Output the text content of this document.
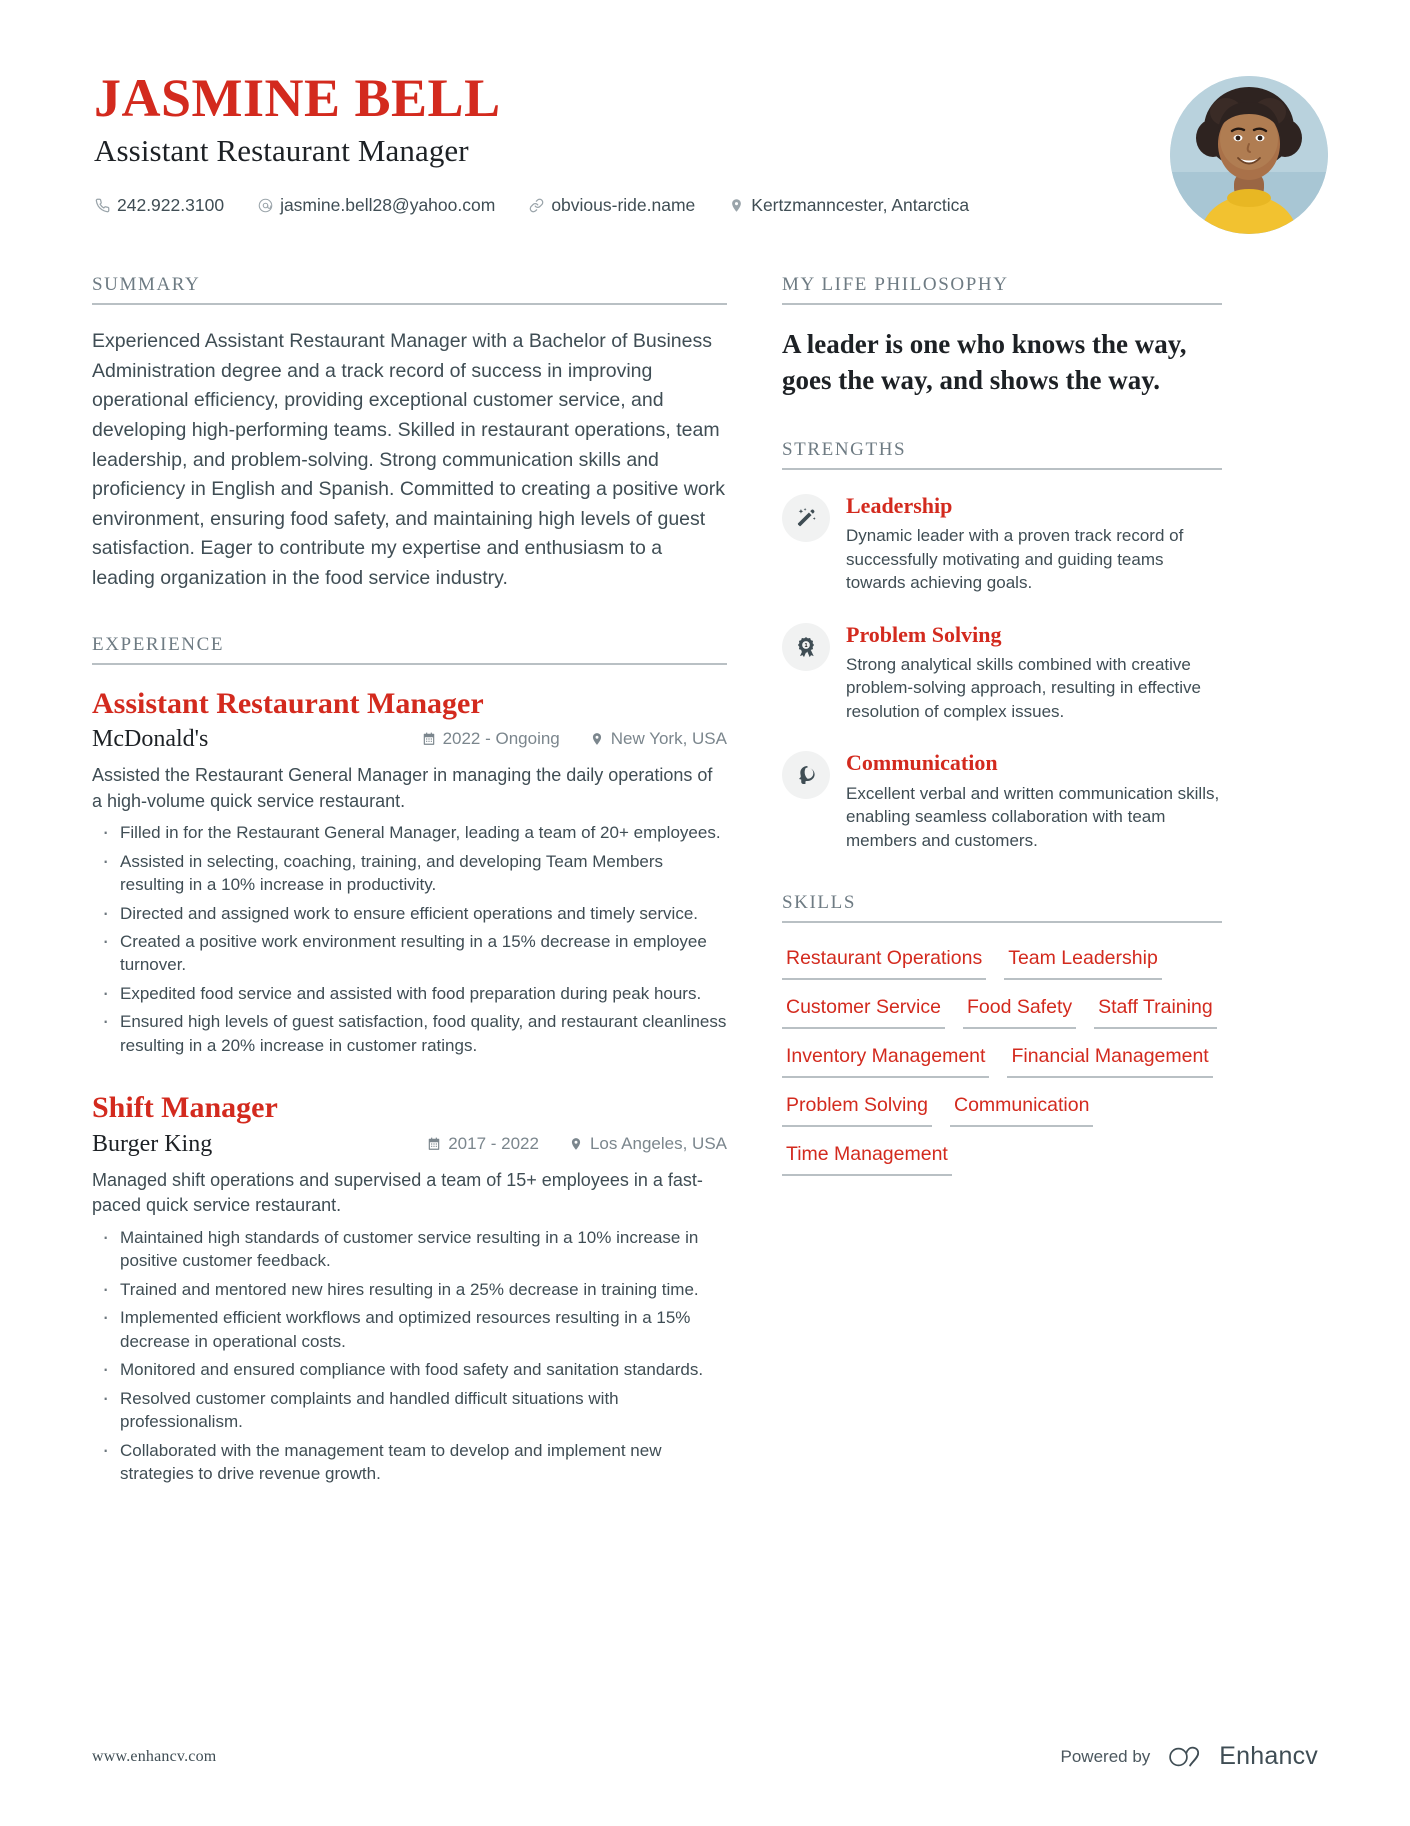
JASMINE BELL
Assistant Restaurant Manager
242.922.3100	jasmine.bell28@yahoo.com	obvious-ride.name	Kertzmanncester, Antarctica
SUMMARY
Experienced Assistant Restaurant Manager with a Bachelor of Business Administration degree and a track record of success in improving operational efficiency, providing exceptional customer service, and developing high-performing teams. Skilled in restaurant operations, team leadership, and problem-solving. Strong communication skills and proficiency in English and Spanish. Committed to creating a positive work environment, ensuring food safety, and maintaining high levels of guest satisfaction. Eager to contribute my expertise and enthusiasm to a leading organization in the food service industry.
EXPERIENCE
Assistant Restaurant Manager
McDonald's	2022 - Ongoing	New York, USA
Assisted the Restaurant General Manager in managing the daily operations of a high-volume quick service restaurant.
· Filled in for the Restaurant General Manager, leading a team of 20+ employees.
· Assisted in selecting, coaching, training, and developing Team Members resulting in a 10% increase in productivity.
· Directed and assigned work to ensure efficient operations and timely service.
· Created a positive work environment resulting in a 15% decrease in employee turnover.
· Expedited food service and assisted with food preparation during peak hours.
· Ensured high levels of guest satisfaction, food quality, and restaurant cleanliness resulting in a 20% increase in customer ratings.
Shift Manager
Burger King	2017 - 2022	Los Angeles, USA
Managed shift operations and supervised a team of 15+ employees in a fast-paced quick service restaurant.
· Maintained high standards of customer service resulting in a 10% increase in positive customer feedback.
· Trained and mentored new hires resulting in a 25% decrease in training time.
· Implemented efficient workflows and optimized resources resulting in a 15% decrease in operational costs.
· Monitored and ensured compliance with food safety and sanitation standards.
· Resolved customer complaints and handled difficult situations with professionalism.
· Collaborated with the management team to develop and implement new strategies to drive revenue growth.
MY LIFE PHILOSOPHY
A leader is one who knows the way, goes the way, and shows the way.
STRENGTHS
Leadership
Dynamic leader with a proven track record of successfully motivating and guiding teams towards achieving goals.
1 Problem Solving
Strong analytical skills combined with creative problem-solving approach, resulting in effective resolution of complex issues.
Communication
Excellent verbal and written communication skills, enabling seamless collaboration with team members and customers.
SKILLS
Restaurant Operations Team Leadership
Customer Service Food Safety Staff Training
Inventory Management Financial Management
Problem Solving Communication
Time Management
www.enhancv.com	Powered by	Enhancv
